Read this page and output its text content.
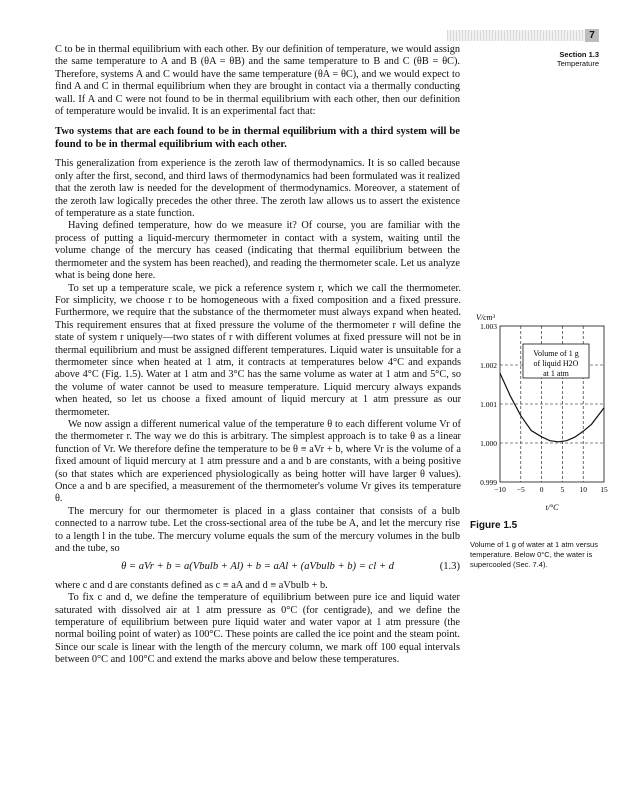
7
Section 1.3
Temperature

C to be in thermal equilibrium with each other. By our definition of temperature, we would assign the same temperature to A and B (θA = θB) and the same temperature to B and C (θB = θC). Therefore, systems A and C would have the same temperature (θA = θC), and we would expect to find A and C in thermal equilibrium when they are brought in contact via a thermally conducting wall. If A and C were not found to be in thermal equilibrium with each other, then our definition of temperature would be invalid. It is an experimental fact that:

Two systems that are each found to be in thermal equilibrium with a third system will be found to be in thermal equilibrium with each other.

This generalization from experience is the zeroth law of thermodynamics. It is so called because only after the first, second, and third laws of thermodynamics had been formulated was it realized that the zeroth law is needed for the development of thermodynamics. Moreover, a statement of the zeroth law logically precedes the other three. The zeroth law allows us to assert the existence of temperature as a state function.

Having defined temperature, how do we measure it? Of course, you are familiar with the process of putting a liquid-mercury thermometer in contact with a system, waiting until the volume change of the mercury has ceased (indicating that thermal equilibrium between the thermometer and the system has been reached), and reading the thermometer scale. Let us analyze what is being done here.

To set up a temperature scale, we pick a reference system r, which we call the thermometer. For simplicity, we choose r to be homogeneous with a fixed composition and a fixed pressure. Furthermore, we require that the substance of the thermometer must always expand when heated. This requirement ensures that at fixed pressure the volume of the thermometer r will define the state of system r uniquely—two states of r with different volumes at fixed pressure will not be in thermal equilibrium and must be assigned different temperatures. Liquid water is unsuitable for a thermometer since when heated at 1 atm, it contracts at temperatures below 4°C and expands above 4°C (Fig. 1.5). Water at 1 atm and 3°C has the same volume as water at 1 atm and 5°C, so the volume of water cannot be used to measure temperature. Liquid mercury always expands when heated, so let us choose a fixed amount of liquid mercury at 1 atm pressure as our thermometer.

We now assign a different numerical value of the temperature θ to each different volume Vr of the thermometer r. The way we do this is arbitrary. The simplest approach is to take θ as a linear function of Vr. We therefore define the temperature to be θ ≡ aVr + b, where Vr is the volume of a fixed amount of liquid mercury at 1 atm pressure and a and b are constants, with a being positive (so that states which are experienced physiologically as being hotter will have larger θ values). Once a and b are specified, a measurement of the thermometer's volume Vr gives its temperature θ.

The mercury for our thermometer is placed in a glass container that consists of a bulb connected to a narrow tube. Let the cross-sectional area of the tube be A, and let the mercury rise to a length l in the tube. The mercury volume equals the sum of the mercury volumes in the bulb and the tube, so

θ = aVr + b = a(Vbulb + Al) + b = aAl + (aVbulb + b) = cl + d	(1.3)

where c and d are constants defined as c ≡ aA and d ≡ aVbulb + b.

To fix c and d, we define the temperature of equilibrium between pure ice and liquid water saturated with dissolved air at 1 atm pressure as 0°C (for centigrade), and we define the temperature of equilibrium between pure liquid water and water vapor at 1 atm pressure (the normal boiling point of water) as 100°C. These points are called the ice point and the steam point. Since our scale is linear with the length of the mercury column, we mark off 100 equal intervals between 0°C and 100°C and extend the marks above and below these temperatures.

V/cm³
−10 −5 0 5 10 15
0.999
1.000
1.001
1.002
1.003
Volume of 1 g of liquid H2O at 1 atm
t/°C
Figure 1.5
Volume of 1 g of water at 1 atm versus temperature. Below 0°C, the water is supercooled (Sec. 7.4).
